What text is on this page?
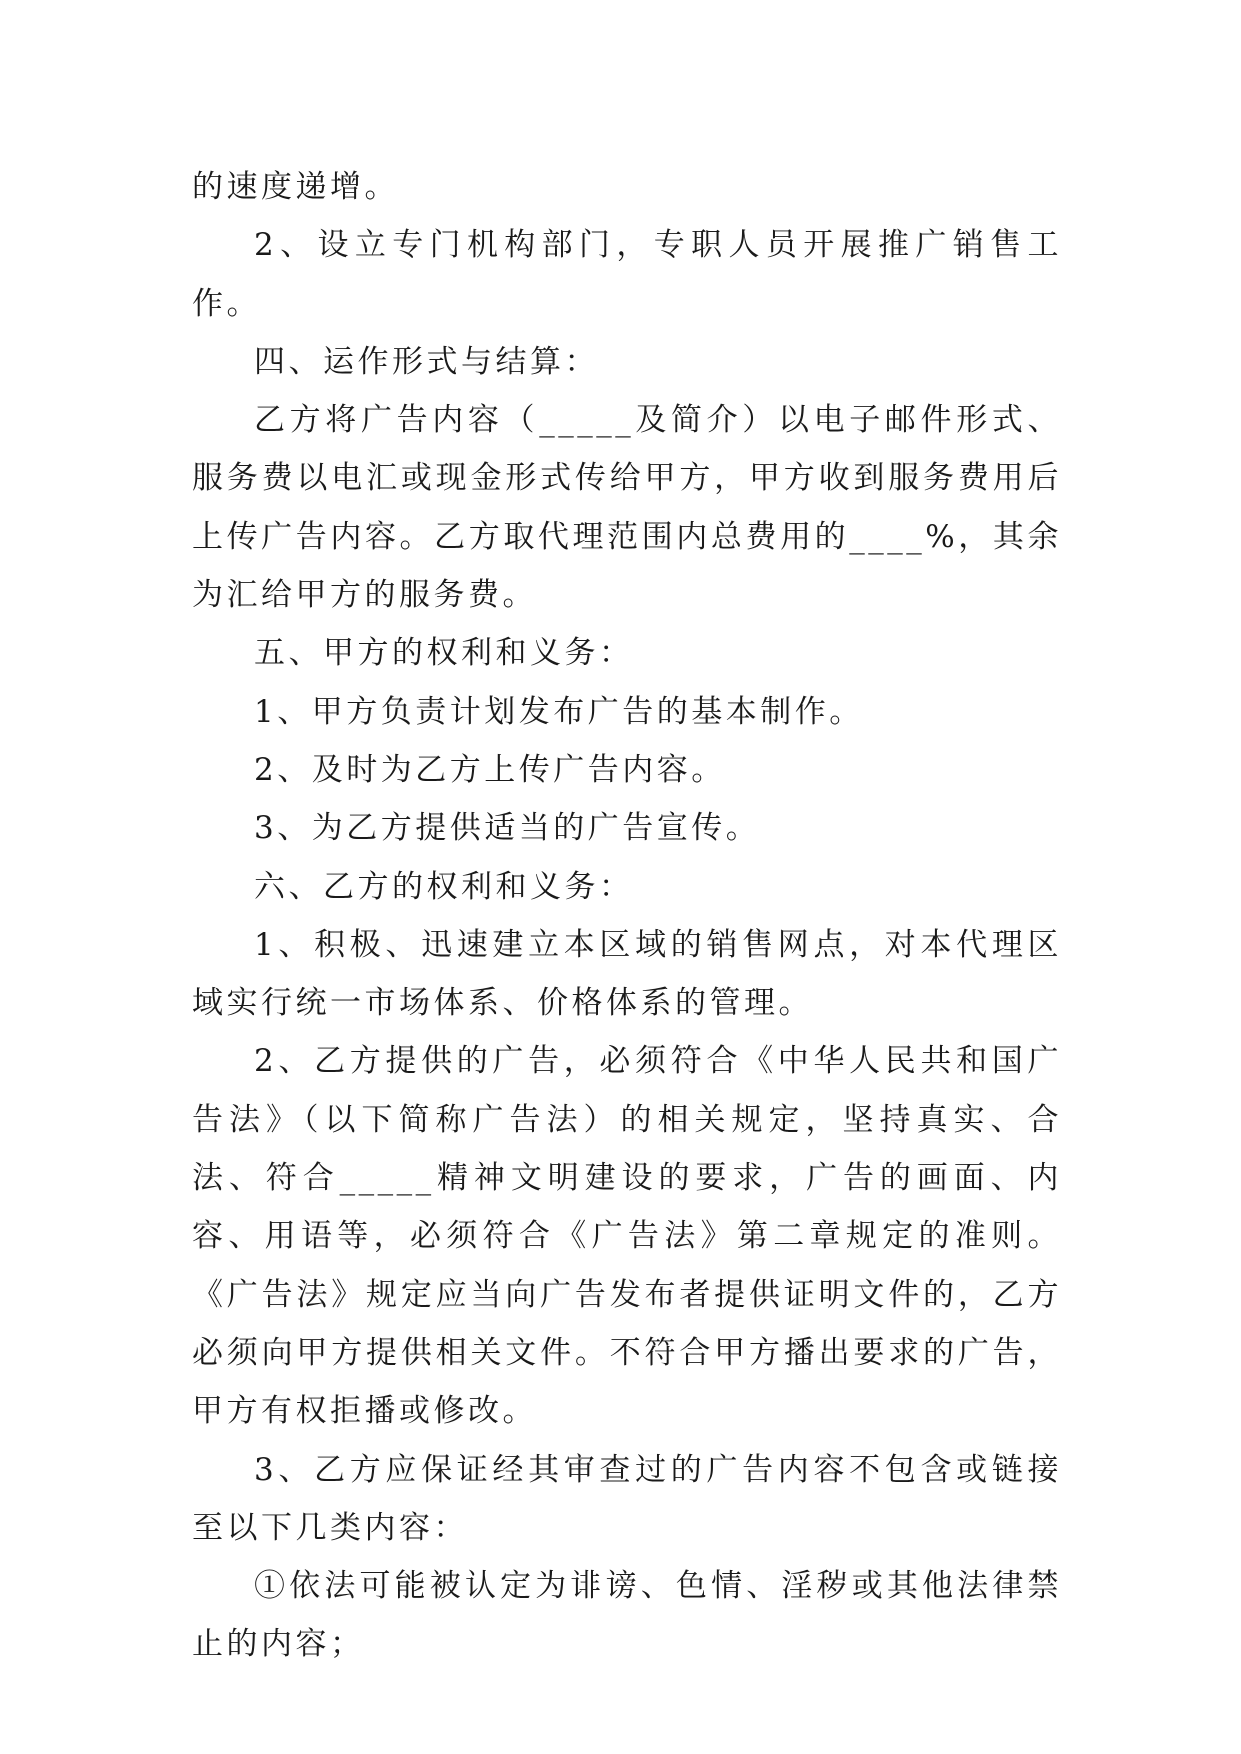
的速度递增。

2、设立专门机构部门，专职人员开展推广销售工作。

四、运作形式与结算：

乙方将广告内容（_____及简介）以电子邮件形式、服务费以电汇或现金形式传给甲方，甲方收到服务费用后上传广告内容。乙方取代理范围内总费用的____%，其余为汇给甲方的服务费。

五、甲方的权利和义务：

1、甲方负责计划发布广告的基本制作。

2、及时为乙方上传广告内容。

3、为乙方提供适当的广告宣传。

六、乙方的权利和义务：

1、积极、迅速建立本区域的销售网点，对本代理区域实行统一市场体系、价格体系的管理。

2、乙方提供的广告，必须符合《中华人民共和国广告法》（以下简称广告法）的相关规定，坚持真实、合法、符合_____精神文明建设的要求，广告的画面、内容、用语等，必须符合《广告法》第二章规定的准则。《广告法》规定应当向广告发布者提供证明文件的，乙方必须向甲方提供相关文件。不符合甲方播出要求的广告，甲方有权拒播或修改。

3、乙方应保证经其审查过的广告内容不包含或链接至以下几类内容：

①依法可能被认定为诽谤、色情、淫秽或其他法律禁止的内容；
